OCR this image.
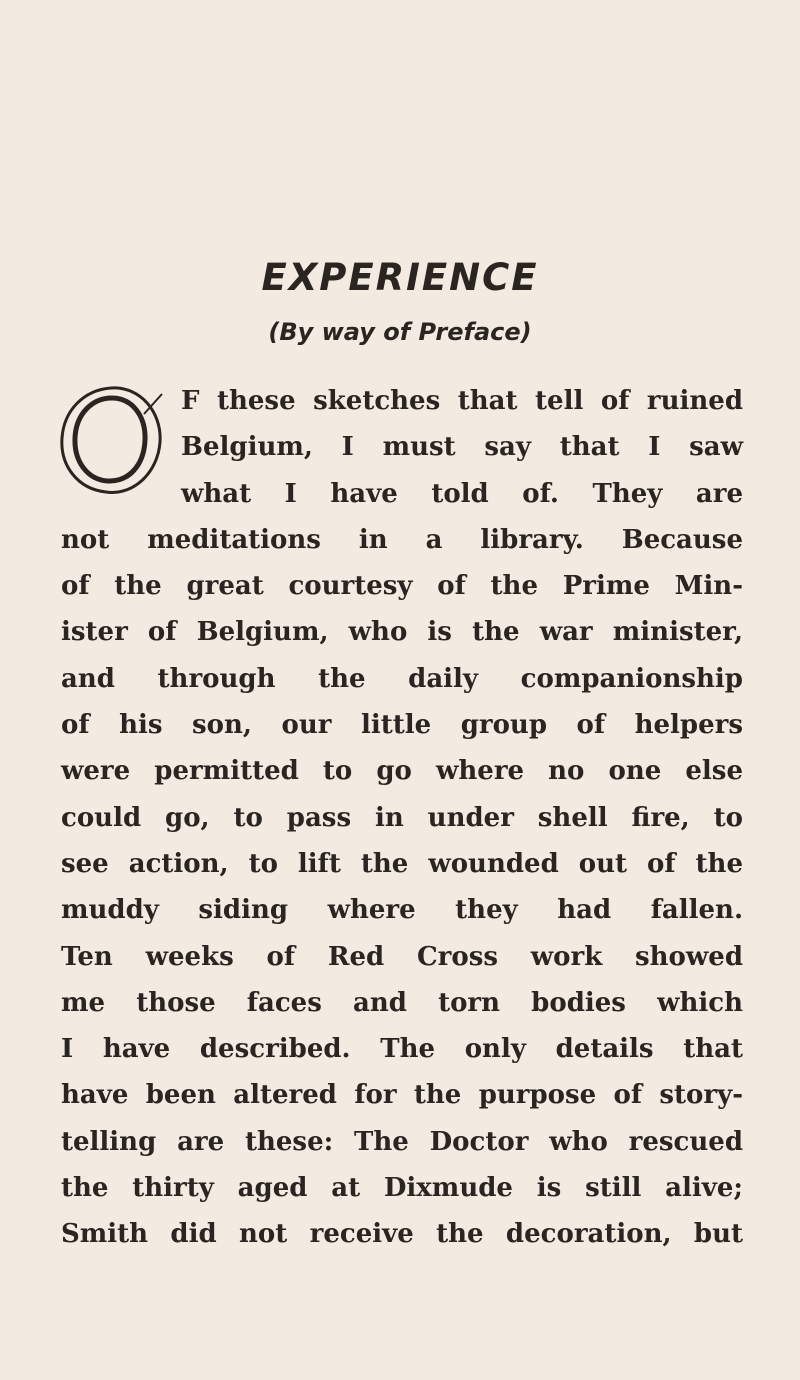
EXPERIENCE
(By way of Preface)
F these sketches that tell of ruined
Belgium, I must say that I saw
what I have told of. They are
not meditations in a library. Because
of the great courtesy of the Prime Min-
ister of Belgium, who is the war minister,
and through the daily companionship
of his son, our little group of helpers
were permitted to go where no one else
could go, to pass in under shell fire, to
see action, to lift the wounded out of the
muddy siding where they had fallen.
Ten weeks of Red Cross work showed
me those faces and torn bodies which
I have described. The only details that
have been altered for the purpose of story-
telling are these: The Doctor who rescued
the thirty aged at Dixmude is still alive;
Smith did not receive the decoration, but
